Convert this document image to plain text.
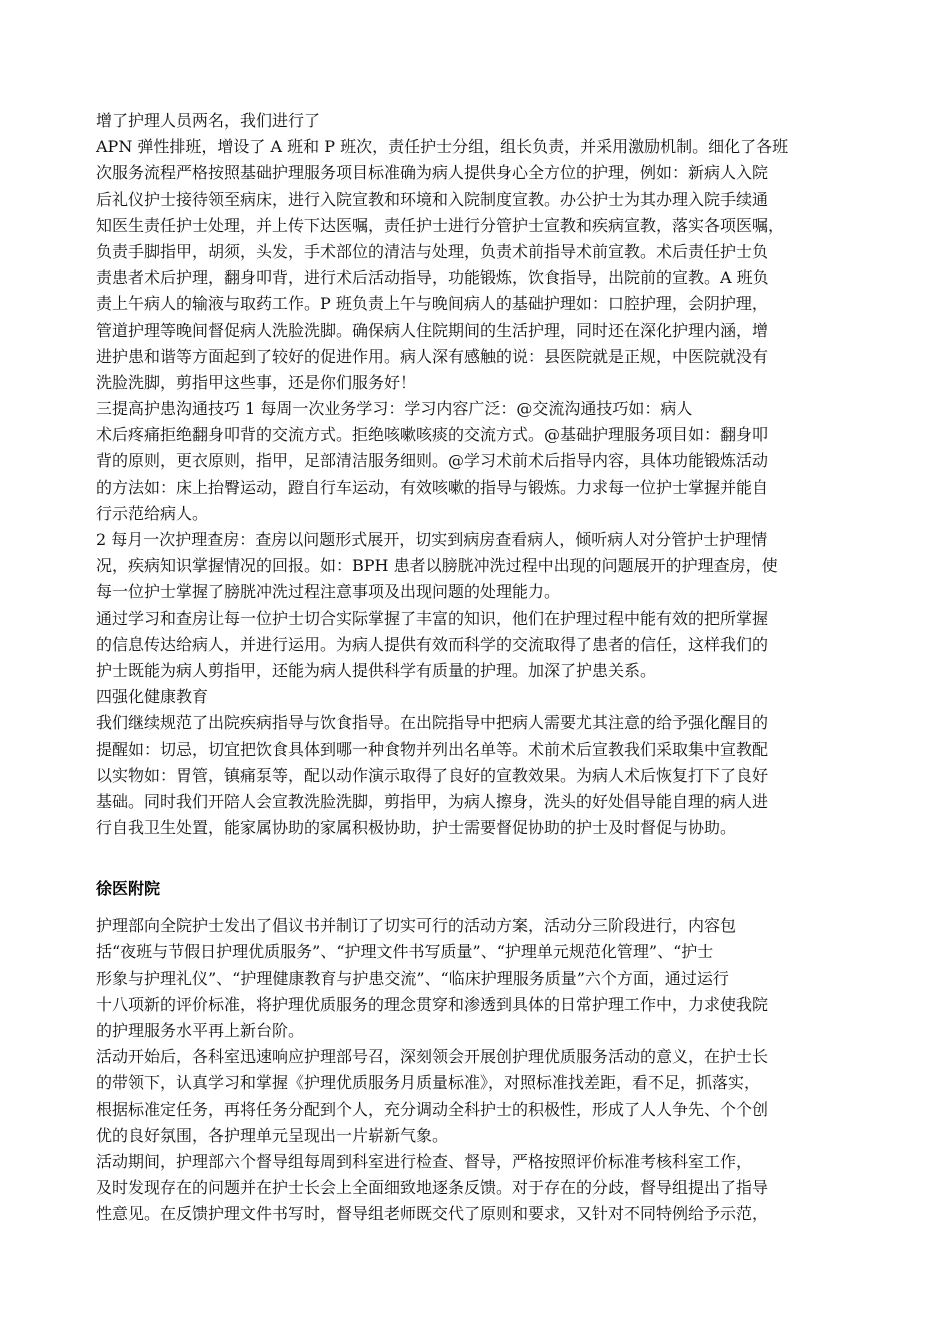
增了护理人员两名，我们进行了
APN 弹性排班，增设了 A 班和 P 班次，责任护士分组，组长负责，并采用激励机制。细化了各班
次服务流程严格按照基础护理服务项目标准确为病人提供身心全方位的护理，例如：新病人入院
后礼仪护士接待领至病床，进行入院宣教和环境和入院制度宣教。办公护士为其办理入院手续通
知医生责任护士处理，并上传下达医嘱，责任护士进行分管护士宣教和疾病宣教，落实各项医嘱，
负责手脚指甲，胡须，头发，手术部位的清洁与处理，负责术前指导术前宣教。术后责任护士负
责患者术后护理，翻身叩背，进行术后活动指导，功能锻炼，饮食指导，出院前的宣教。A 班负
责上午病人的输液与取药工作。P 班负责上午与晚间病人的基础护理如：口腔护理，会阴护理，
管道护理等晚间督促病人洗脸洗脚。确保病人住院期间的生活护理，同时还在深化护理内涵，增
进护患和谐等方面起到了较好的促进作用。病人深有感触的说：县医院就是正规，中医院就没有
洗脸洗脚，剪指甲这些事，还是你们服务好！
三提高护患沟通技巧 1 每周一次业务学习：学习内容广泛：@交流沟通技巧如：病人
术后疼痛拒绝翻身叩背的交流方式。拒绝咳嗽咳痰的交流方式。@基础护理服务项目如：翻身叩
背的原则，更衣原则，指甲，足部清洁服务细则。@学习术前术后指导内容，具体功能锻炼活动
的方法如：床上抬臀运动，蹬自行车运动，有效咳嗽的指导与锻炼。力求每一位护士掌握并能自
行示范给病人。
2 每月一次护理查房：查房以问题形式展开，切实到病房查看病人，倾听病人对分管护士护理情
况，疾病知识掌握情况的回报。如：BPH 患者以膀胱冲洗过程中出现的问题展开的护理查房，使
每一位护士掌握了膀胱冲洗过程注意事项及出现问题的处理能力。
通过学习和查房让每一位护士切合实际掌握了丰富的知识，他们在护理过程中能有效的把所掌握
的信息传达给病人，并进行运用。为病人提供有效而科学的交流取得了患者的信任，这样我们的
护士既能为病人剪指甲，还能为病人提供科学有质量的护理。加深了护患关系。
四强化健康教育
我们继续规范了出院疾病指导与饮食指导。在出院指导中把病人需要尤其注意的给予强化醒目的
提醒如：切忌，切宜把饮食具体到哪一种食物并列出名单等。术前术后宣教我们采取集中宣教配
以实物如：胃管，镇痛泵等，配以动作演示取得了良好的宣教效果。为病人术后恢复打下了良好
基础。同时我们开陪人会宣教洗脸洗脚，剪指甲，为病人擦身，洗头的好处倡导能自理的病人进
行自我卫生处置，能家属协助的家属积极协助，护士需要督促协助的护士及时督促与协助。
徐医附院
护理部向全院护士发出了倡议书并制订了切实可行的活动方案，活动分三阶段进行，内容包
括“夜班与节假日护理优质服务”、“护理文件书写质量”、“护理单元规范化管理”、“护士
形象与护理礼仪”、“护理健康教育与护患交流”、“临床护理服务质量”六个方面，通过运行
十八项新的评价标准，将护理优质服务的理念贯穿和渗透到具体的日常护理工作中，力求使我院
的护理服务水平再上新台阶。
活动开始后，各科室迅速响应护理部号召，深刻领会开展创护理优质服务活动的意义，在护士长
的带领下，认真学习和掌握《护理优质服务月质量标准》，对照标准找差距，看不足，抓落实，
根据标准定任务，再将任务分配到个人，充分调动全科护士的积极性，形成了人人争先、个个创
优的良好氛围，各护理单元呈现出一片崭新气象。
活动期间，护理部六个督导组每周到科室进行检查、督导，严格按照评价标准考核科室工作，
及时发现存在的问题并在护士长会上全面细致地逐条反馈。对于存在的分歧，督导组提出了指导
性意见。在反馈护理文件书写时，督导组老师既交代了原则和要求，又针对不同特例给予示范，
